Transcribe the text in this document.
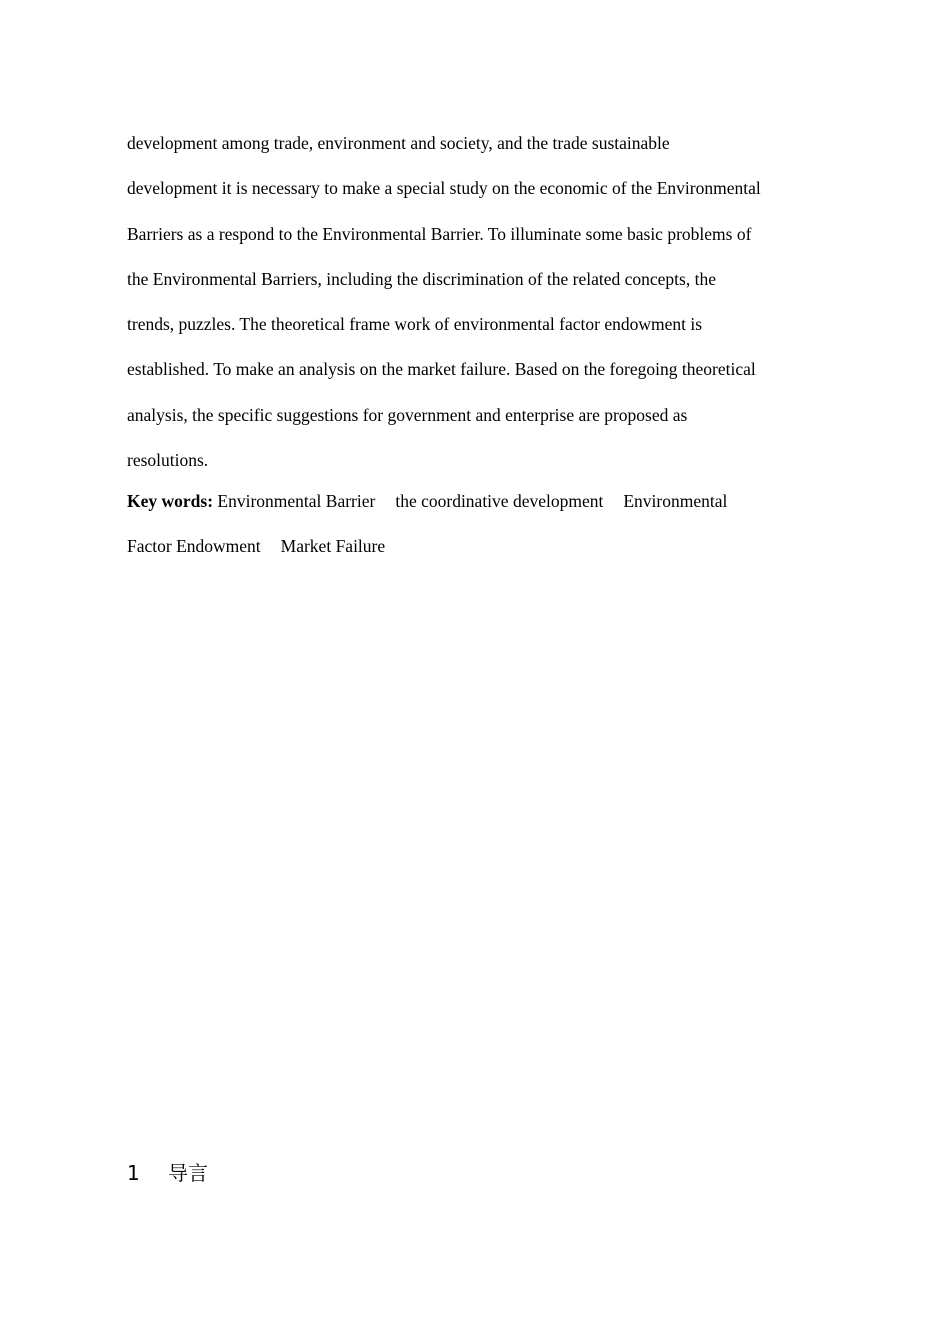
development among trade, environment and society, and the trade sustainable
development it is necessary to make a special study on the economic of the Environmental
Barriers as a respond to the Environmental Barrier. To illuminate some basic problems of
the Environmental Barriers, including the discrimination of the related concepts, the
trends, puzzles. The theoretical frame work of environmental factor endowment is
established. To make an analysis on the market failure. Based on the foregoing theoretical
analysis, the specific suggestions for government and enterprise are proposed as
resolutions.
Key words: Environmental Barrier the coordinative development Environmental
Factor Endowment Market Failure
1 导言
